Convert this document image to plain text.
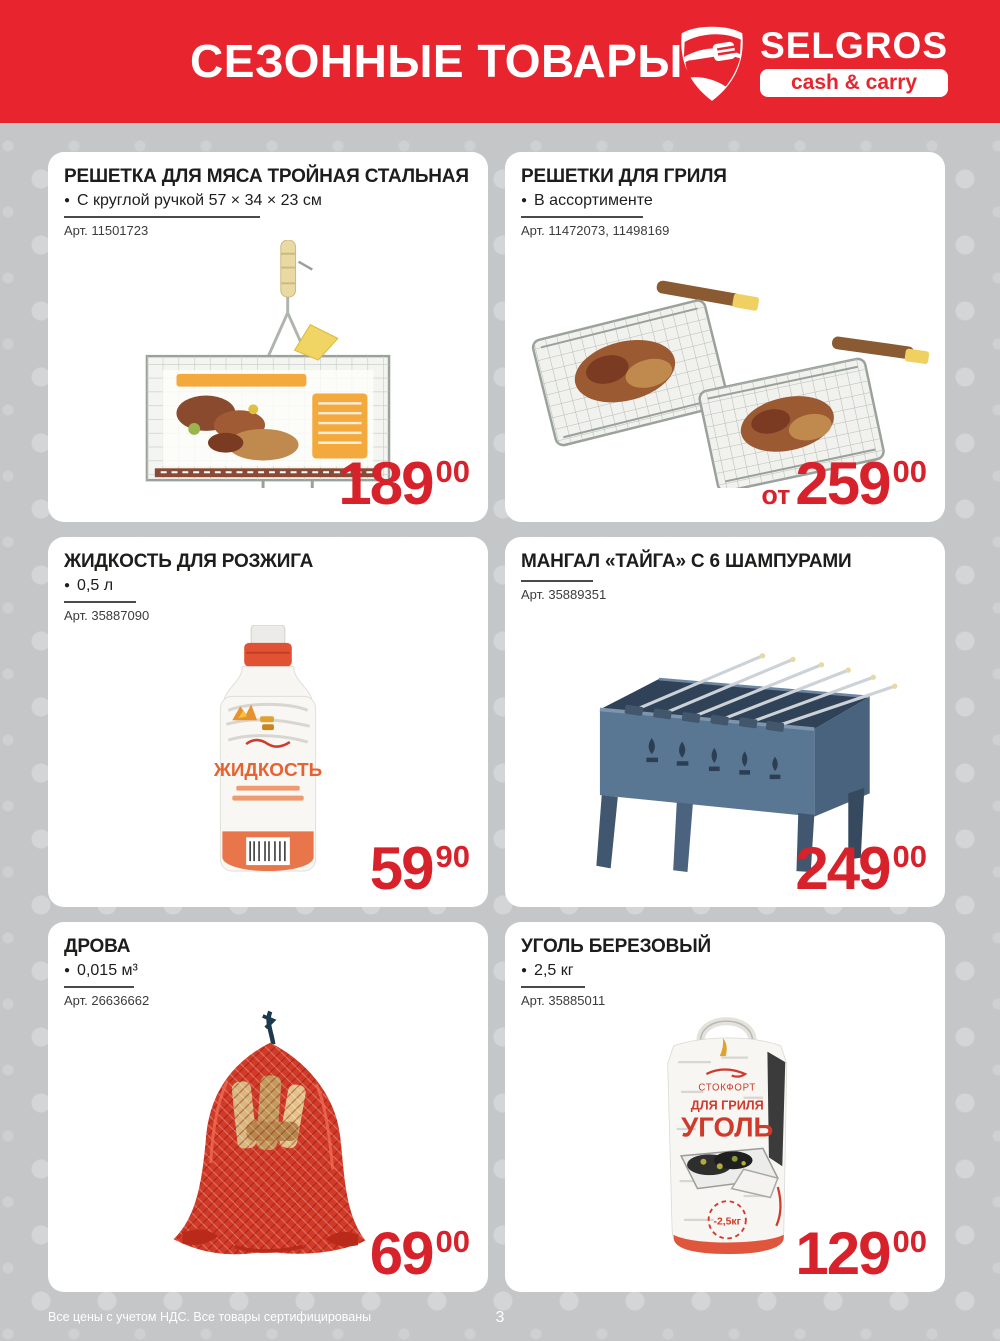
СЕЗОННЫЕ ТОВАРЫ SELGROS
cash & carry
РЕШЕТКА ДЛЯ МЯСА ТРОЙНАЯ СТАЛЬНАЯ
● С круглой ручкой 57 × 34 × 23 см
Арт. 11501723
18900
РЕШЕТКИ ДЛЯ ГРИЛЯ
● В ассортименте
Арт. 11472073, 11498169
от25900
ЖИДКОСТЬ ДЛЯ РОЗЖИГА
● 0,5 л
Арт. 35887090
ЖИДКОСТЬ
5990
МАНГАЛ «ТАЙГА» С 6 ШАМПУРАМИ
Арт. 35889351
24900
ДРОВА
● 0,015 м³
Арт. 26636662
6900
УГОЛЬ БЕРЕЗОВЫЙ
● 2,5 кг
Арт. 35885011
СТОКФОРТ
ДЛЯ ГРИЛЯ
УГОЛЬ
-2,5кг 12900
Все цены с учетом НДС. Все товары сертифицированы	3
